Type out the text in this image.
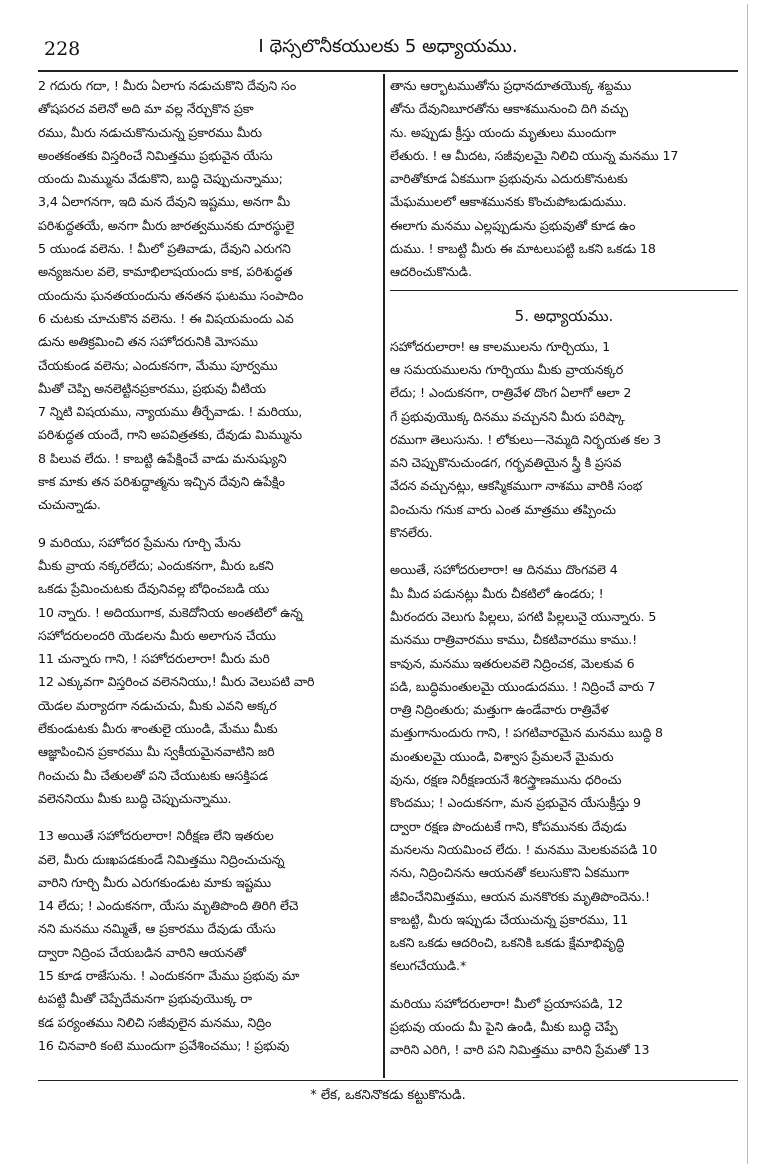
228	I థెస్సలొనీకయులకు 5 అధ్యాయము.
2 గదురు గదా, ! మీరు ఏలాగు నడుచుకొని దేవుని సం
తోషపరచ వలెనో అది మా వల్ల నేర్చుకొన ప్రకా
రము, మీరు నడుచుకొనుచున్న ప్రకారము మీరు
అంతకంతకు విస్తరించే నిమిత్తము ప్రభువైన యేసు
యందు మిమ్మును వేడుకొని, బుద్ధి చెప్పుచున్నాము;
3,4 ఏలాగనగా, ఇది మన దేవుని ఇష్టము, అనగా మీ
పరిశుద్ధతయే, అనగా మీరు జారత్వమునకు దూరస్థులై
5 యుండ వలెను. ! మీలో ప్రతివాడు, దేవుని ఎరుగని
అన్యజనుల వలె, కామాభిలాషయందు కాక, పరిశుద్ధత
యందును ఘనతయందును తనతన ఘటము సంపాదిం
6 చుటకు చూచుకొన వలెను. ! ఈ విషయమందు ఎవ
డును అతిక్రమించి తన సహోదరునికి మోసము
చేయకుండ వలెను; ఎందుకనగా, మేము పూర్వము
మీతో చెప్పి అనలెట్టినప్రకారము, ప్రభువు వీటియ
7 న్నిటి విషయము, న్యాయము తీర్చేవాడు. ! మరియు,
పరిశుద్ధత యందే, గాని అపవిత్రతకు, దేవుడు మిమ్మును
8 పిలువ లేదు. ! కాబట్టి ఉపేక్షించే వాడు మనుష్యుని
కాక మాకు తన పరిశుద్ధాత్మను ఇచ్చిన దేవుని ఉపేక్షిం
చుచున్నాడు.
9 మరియు, సహోదర ప్రేమను గూర్చి మేను
మీకు వ్రాయ నక్కరలేదు; ఎందుకనగా, మీరు ఒకని
ఒకడు ప్రేమించుటకు దేవునివల్ల బోధించబడి యు
10 న్నారు. ! అదియుగాక, మకెదోనియ అంతటిలో ఉన్న
సహోదరులందరి యెడలను మీరు అలాగున చేయు
11 చున్నారు గాని, ! సహోదరులారా! మీరు మరి
12 ఎక్కువగా విస్తరించ వలెననియు,! మీరు వెలుపటి వారి
యెడల మర్యాదగా నడుచుచు, మీకు ఎవని అక్కర
లేకుండుటకు మీరు శాంతులై యుండి, మేము మీకు
ఆజ్ఞాపించిన ప్రకారము మీ స్వకీయమైనవాటిని జరి
గించుచు మీ చేతులతో పని చేయుటకు ఆసక్తిపడ
వలెననియు మీకు బుద్ధి చెప్పుచున్నాము.
13 అయితే సహోదరులారా! నిరీక్షణ లేని ఇతరుల
వలె, మీరు దుఃఖపడకుండే నిమిత్తము నిద్రించుచున్న
వారిని గూర్చి మీరు ఎరుగకుండుట మాకు ఇష్టము
14 లేదు; ! ఎందుకనగా, యేసు మృతిపొంది తిరిగి లేచె
నని మనము నమ్మితే, ఆ ప్రకారము దేవుడు యేసు
ద్వారా నిద్రింప చేయబడిన వారిని ఆయనతో
15 కూడ రాజేసును. ! ఎందుకనగా మేము ప్రభువు మా
టపట్టి మీతో చెప్పేదేమనగా ప్రభువుయొక్క రా
కడ పర్యంతము నిలిచి సజీవులైన మనము, నిద్రిం
16 చినవారి కంటె ముందుగా ప్రవేశించము; ! ప్రభువు
తాను ఆర్భాటముతోను ప్రధానదూతయొక్క శబ్దము
తోను దేవునిబూరతోను ఆకాశమునుంచి దిగి వచ్చు
ను. అప్పుడు క్రీస్తు యందు మృతులు ముందుగా
లేతురు. ! ఆ మీదట, సజీవులమై నిలిచి యున్న మనము 17
వారితోకూడ ఏకముగా ప్రభువును ఎదురుకొనుటకు
మేఘములలో ఆకాశమునకు కొంచుపోబడుదుము.
ఈలాగు మనము ఎల్లప్పుడును ప్రభువుతో కూడ ఉం
దుము. ! కాబట్టి మీరు ఈ మాటలుపట్టి ఒకని ఒకడు 18
ఆదరించుకొనుడి.
5. అధ్యాయము.
సహోదరులారా! ఆ కాలములను గూర్చియు, 1
ఆ సమయములను గూర్చియు మీకు వ్రాయనక్కర
లేదు; ! ఎందుకనగా, రాత్రివేళ దొంగ ఏలాగో ఆలా 2
గే ప్రభువుయొక్క దినము వచ్చునని మీరు పరిష్కా
రముగా తెలుసును. ! లోకులు—నెమ్మది నిర్భయత కల 3
వని చెప్పుకొనుచుండగ, గర్భవతియైన స్త్రీ కి ప్రసవ
వేదన వచ్చునట్లు, ఆకస్మికముగా నాశము వారికి సంభ
వించును గనుక వారు ఎంత మాత్రము తప్పించు
కొనలేరు.
అయితే, సహోదరులారా! ఆ దినము దొంగవలె 4
మీ మీద పడునట్లు మీరు చీకటిలో ఉండరు; !
మీరందరు వెలుగు పిల్లలు, పగటి పిల్లలునై యున్నారు. 5
మనము రాత్రివారము కాము, చీకటివారము కాము.!
కావున, మనము ఇతరులవలె నిద్రించక, మెలకువ 6
పడి, బుద్ధిమంతులమై యుండుదము. ! నిద్రించే వారు 7
రాత్రి నిద్రింతురు; మత్తుగా ఉండేవారు రాత్రివేళ
మత్తుగానుందురు గాని, ! పగటివారమైన మనము బుద్ధి 8
మంతులమై యుండి, విశ్వాస ప్రేమలనే మైమరు
వును, రక్షణ నిరీక్షణయనే శిరస్త్రాణమును ధరించు
కొందము; ! ఎందుకనగా, మన ప్రభువైన యేసుక్రీస్తు 9
ద్వారా రక్షణ పొందుటకే గాని, కోపమునకు దేవుడు
మనలను నియమించ లేదు. ! మనము మెలకువపడి 10
నను, నిద్రించినను ఆయనతో కలుసుకొని ఏకముగా
జీవించేనిమిత్తము, ఆయన మనకొరకు మృతిపొందెను.!
కాబట్టి, మీరు ఇప్పుడు చేయుచున్న ప్రకారము, 11
ఒకని ఒకడు ఆదరించి, ఒకనికి ఒకడు క్షేమాభివృద్ధి
కలుగచేయుడి.*
మరియు సహోదరులారా! మీలో ప్రయాసపడి, 12
ప్రభువు యందు మీ పైని ఉండి, మీకు బుద్ధి చెప్పే
వారిని ఎరిగి, ! వారి పని నిమిత్తము వారిని ప్రేమతో 13
* లేక, ఒకనినొకడు కట్టుకొనుడి.
